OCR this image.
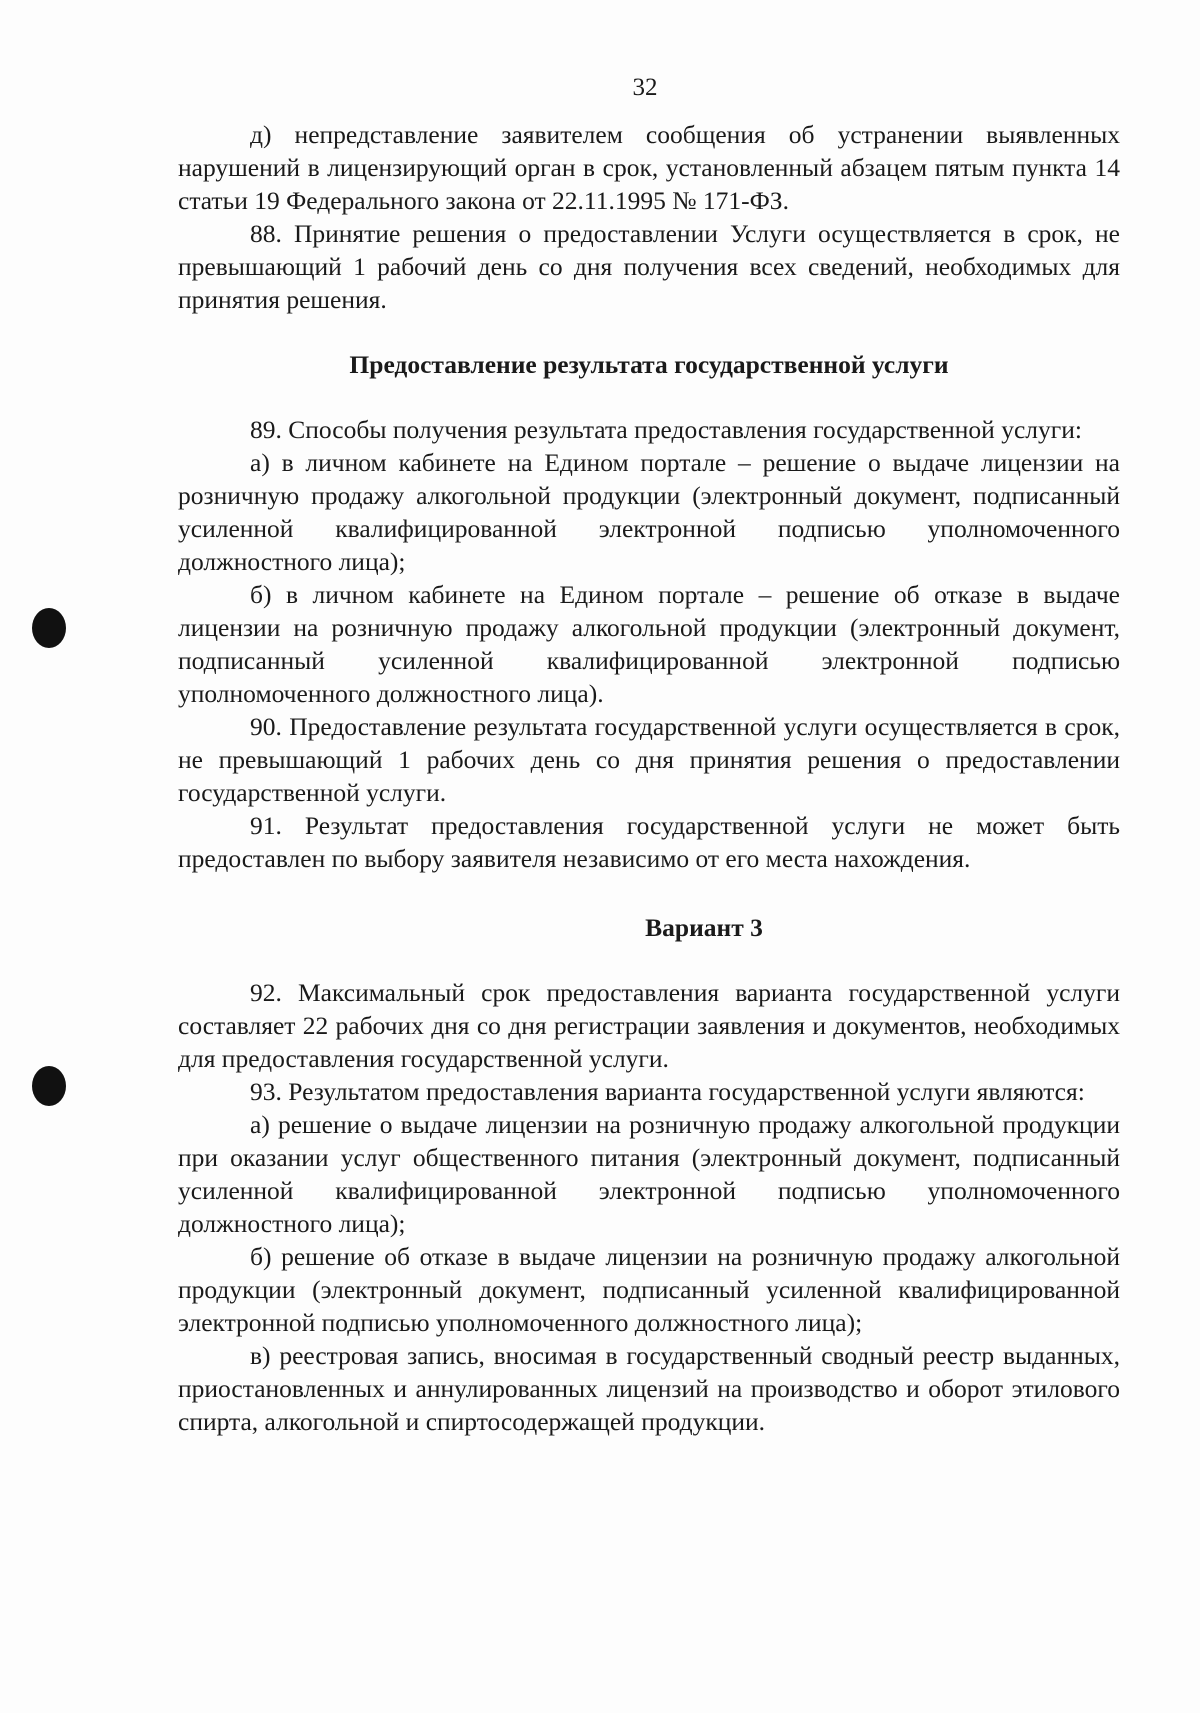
32

д) непредставление заявителем сообщения об устранении выявленных нарушений в лицензирующий орган в срок, установленный абзацем пятым пункта 14 статьи 19 Федерального закона от 22.11.1995 № 171-ФЗ.

88. Принятие решения о предоставлении Услуги осуществляется в срок, не превышающий 1 рабочий день со дня получения всех сведений, необходимых для принятия решения.

Предоставление результата государственной услуги

89. Способы получения результата предоставления государственной услуги:

а) в личном кабинете на Едином портале – решение о выдаче лицензии на розничную продажу алкогольной продукции (электронный документ, подписанный усиленной квалифицированной электронной подписью уполномоченного должностного лица);

б) в личном кабинете на Едином портале – решение об отказе в выдаче лицензии на розничную продажу алкогольной продукции (электронный документ, подписанный усиленной квалифицированной электронной подписью уполномоченного должностного лица).

90. Предоставление результата государственной услуги осуществляется в срок, не превышающий 1 рабочих день со дня принятия решения о предоставлении государственной услуги.

91. Результат предоставления государственной услуги не может быть предоставлен по выбору заявителя независимо от его места нахождения.

Вариант 3

92. Максимальный срок предоставления варианта государственной услуги составляет 22 рабочих дня со дня регистрации заявления и документов, необходимых для предоставления государственной услуги.

93. Результатом предоставления варианта государственной услуги являются:

а) решение о выдаче лицензии на розничную продажу алкогольной продукции при оказании услуг общественного питания (электронный документ, подписанный усиленной квалифицированной электронной подписью уполномоченного должностного лица);

б) решение об отказе в выдаче лицензии на розничную продажу алкогольной продукции (электронный документ, подписанный усиленной квалифицированной электронной подписью уполномоченного должностного лица);

в) реестровая запись, вносимая в государственный сводный реестр выданных, приостановленных и аннулированных лицензий на производство и оборот этилового спирта, алкогольной и спиртосодержащей продукции.
